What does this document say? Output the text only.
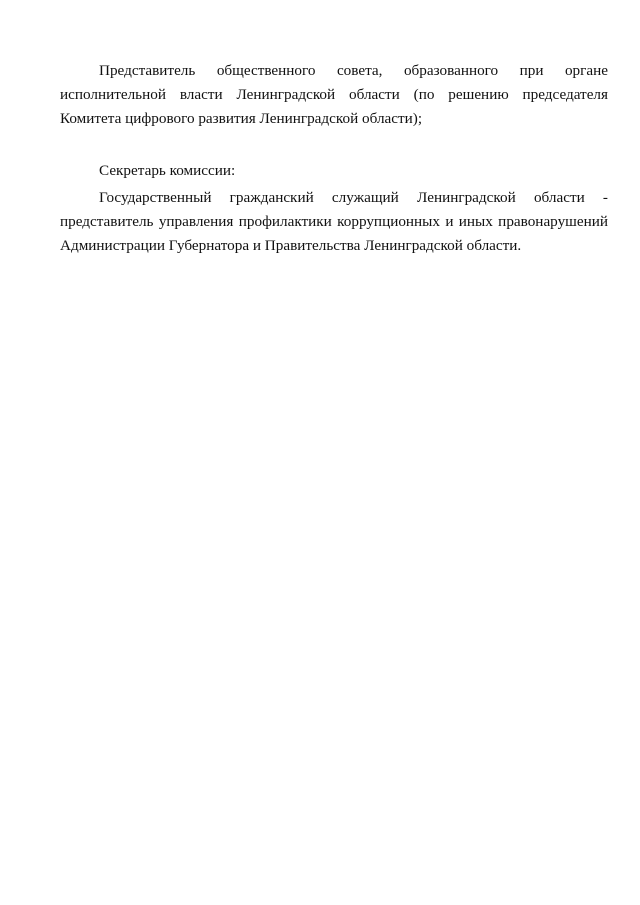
Представитель общественного совета, образованного при органе исполнительной власти Ленинградской области (по решению председателя Комитета цифрового развития Ленинградской области);

Секретарь комиссии:

Государственный гражданский служащий Ленинградской области - представитель управления профилактики коррупционных и иных правонарушений Администрации Губернатора и Правительства Ленинградской области.
